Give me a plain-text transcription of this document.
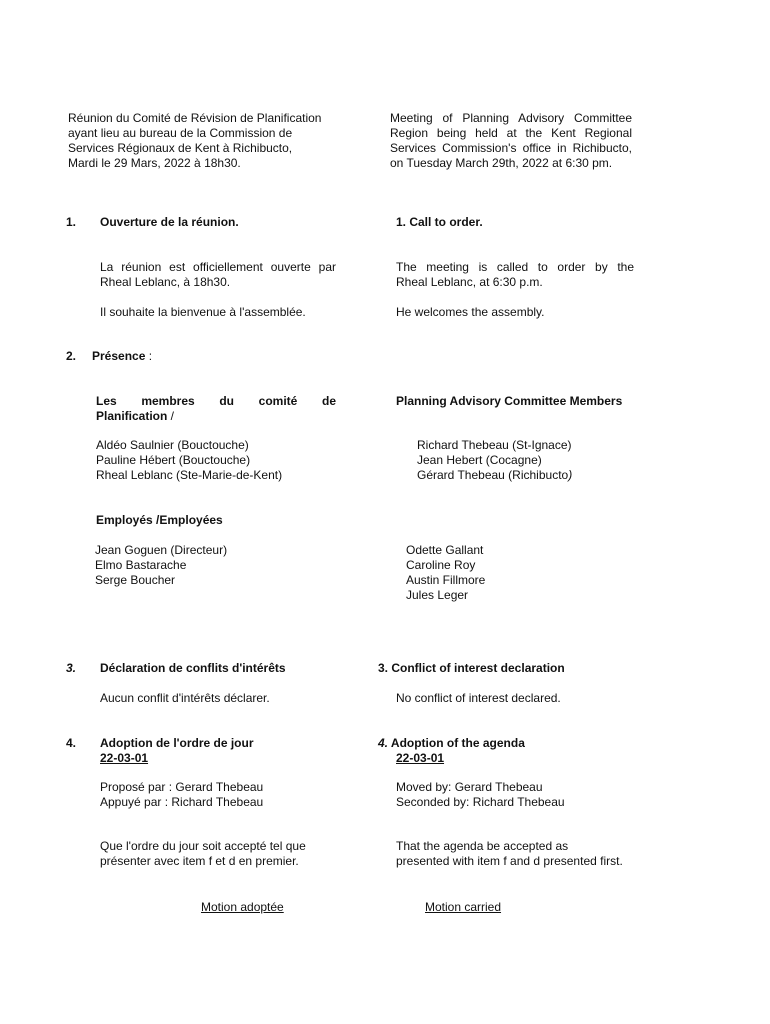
Réunion du Comité de Révision de Planification
ayant lieu au bureau de la Commission de
Services Régionaux de Kent à Richibucto,
Mardi le 29 Mars, 2022 à 18h30.
Meeting of Planning Advisory Committee
Region being held at the Kent Regional
Services Commission's office in Richibucto,
on Tuesday March 29th, 2022 at 6:30 pm.
1. Ouverture de la réunion.	1. Call to order.
La réunion est officiellement ouverte par
Rheal Leblanc, à 18h30.
The meeting is called to order by the
Rheal Leblanc, at 6:30 p.m.
Il souhaite la bienvenue à l'assemblée.	He welcomes the assembly.
2. Présence :
Les membres du comité de
Planification /
Planning Advisory Committee Members
Aldéo Saulnier (Bouctouche)
Pauline Hébert (Bouctouche)
Rheal Leblanc (Ste-Marie-de-Kent)
Richard Thebeau (St-Ignace)
Jean Hebert (Cocagne)
Gérard Thebeau (Richibucto)
Employés /Employées
Jean Goguen (Directeur)
Elmo Bastarache
Serge Boucher
Odette Gallant
Caroline Roy
Austin Fillmore
Jules Leger
3. Déclaration de conflits d'intérêts	3. Conflict of interest declaration
Aucun conflit d'intérêts déclarer.	No conflict of interest declared.
4. Adoption de l'ordre de jour
22-03-01
4. Adoption of the agenda
22-03-01
Proposé par : Gerard Thebeau
Appuyé par : Richard Thebeau
Moved by: Gerard Thebeau
Seconded by: Richard Thebeau
Que l'ordre du jour soit accepté tel que
présenter avec item f et d en premier.
That the agenda be accepted as
presented with item f and d presented first.
Motion adoptée	Motion carried
